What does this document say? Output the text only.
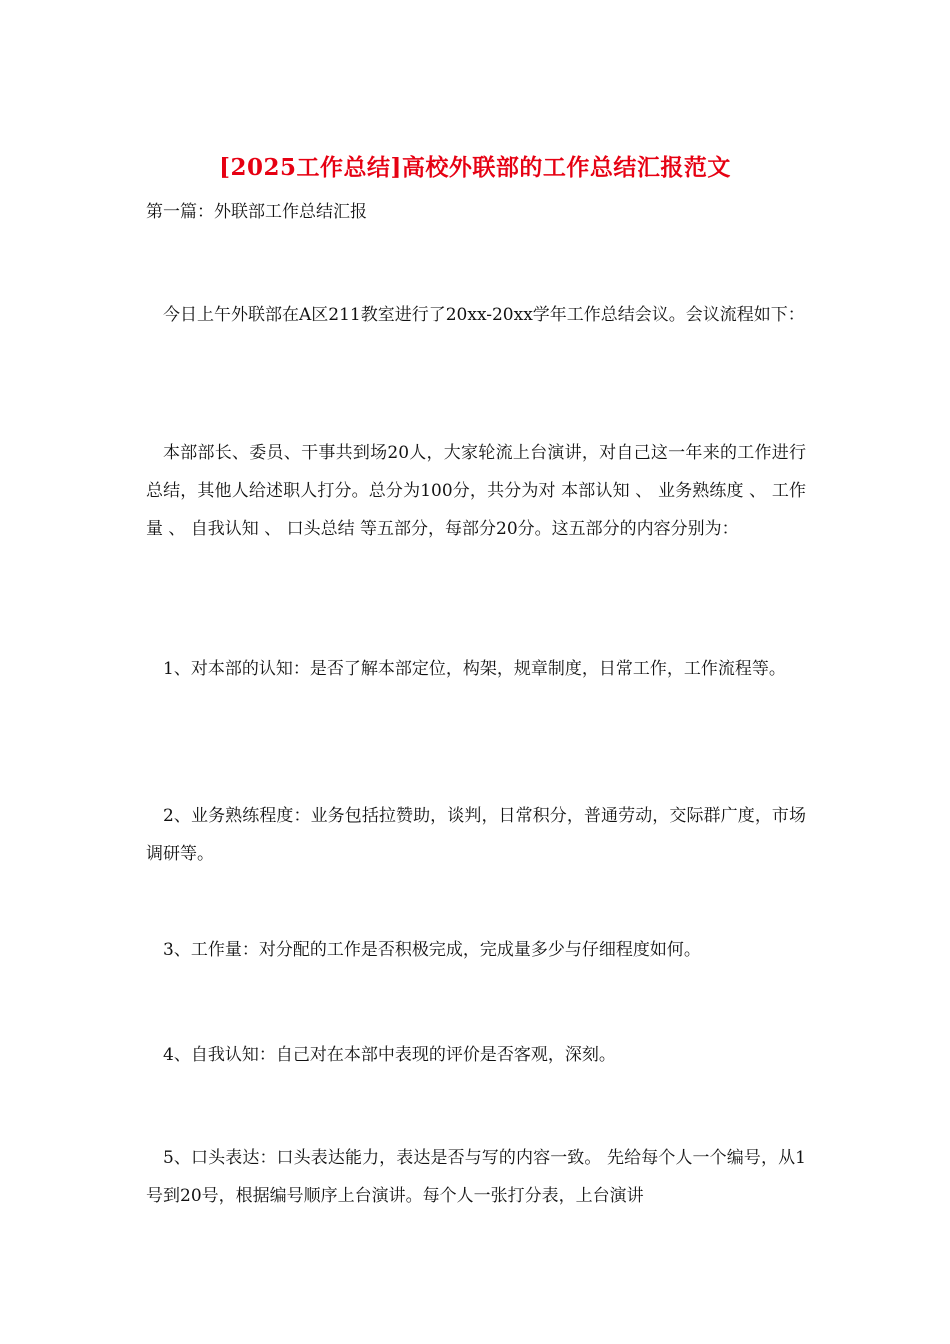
[2025工作总结]高校外联部的工作总结汇报范文
第一篇：外联部工作总结汇报

今日上午外联部在A区211教室进行了20xx-20xx学年工作总结会议。会议流程如下：

本部部长、委员、干事共到场20人，大家轮流上台演讲，对自己这一年来的工作进行总结，其他人给述职人打分。总分为100分，共分为对 本部认知 、 业务熟练度 、 工作量 、 自我认知 、 口头总结 等五部分，每部分20分。这五部分的内容分别为：

1、对本部的认知：是否了解本部定位，构架，规章制度，日常工作，工作流程等。

2、业务熟练程度：业务包括拉赞助，谈判，日常积分，普通劳动，交际群广度，市场调研等。

3、工作量：对分配的工作是否积极完成，完成量多少与仔细程度如何。

4、自我认知：自己对在本部中表现的评价是否客观，深刻。

5、口头表达：口头表达能力，表达是否与写的内容一致。 先给每个人一个编号，从1号到20号，根据编号顺序上台演讲。每个人一张打分表，上台演讲
